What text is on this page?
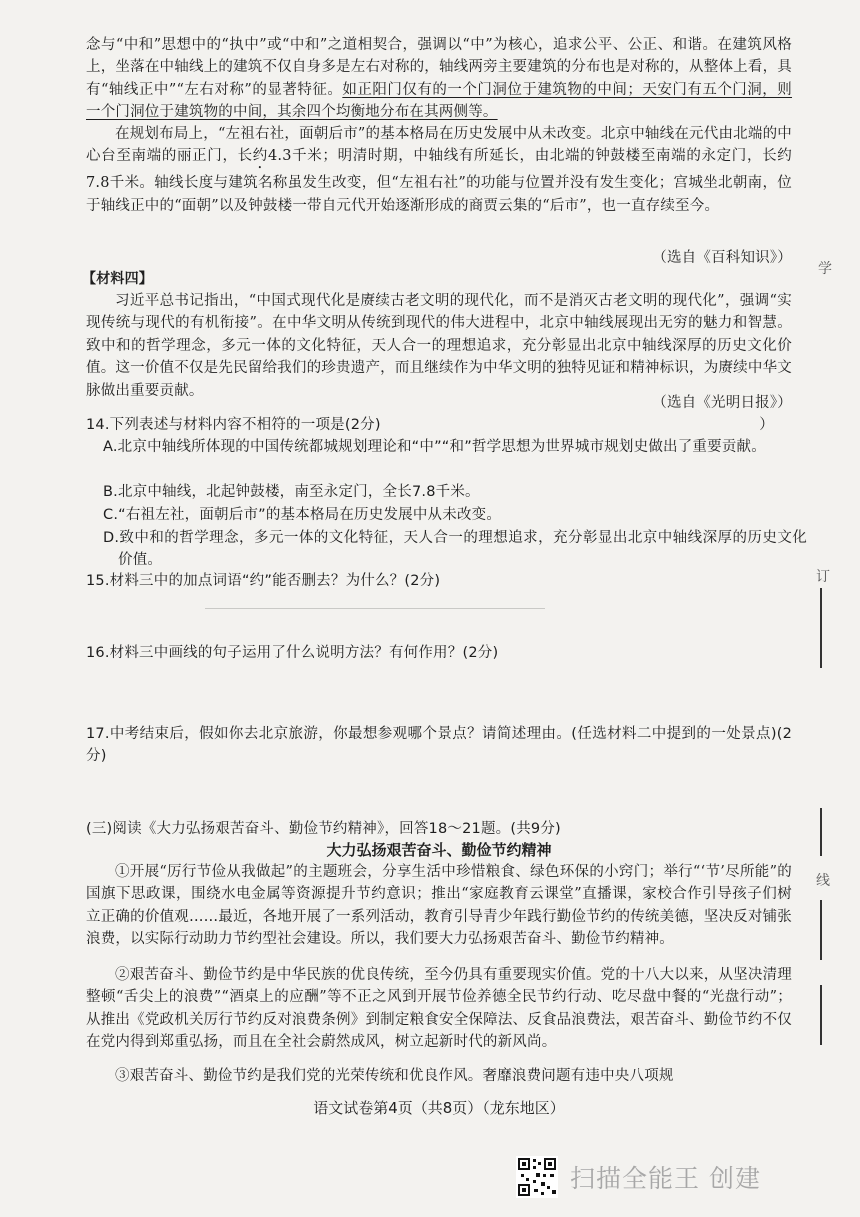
念与“中和”思想中的“执中”或“中和”之道相契合，强调以“中”为核心，追求公平、公正、和谐。在建筑风格上，坐落在中轴线上的建筑不仅自身多是左右对称的，轴线两旁主要建筑的分布也是对称的，从整体上看，具有“轴线正中”“左右对称”的显著特征。如正阳门仅有的一个门洞位于建筑物的中间；天安门有五个门洞，则一个门洞位于建筑物的中间，其余四个均衡地分布在其两侧等。

在规划布局上，“左祖右社，面朝后市”的基本格局在历史发展中从未改变。北京中轴线在元代由北端的中心台至南端的丽正门，长约4.3千米；明清时期，中轴线有所延长，由北端的钟鼓楼至南端的永定门，长约7.8千米。轴线长度与建筑名称虽发生改变，但“左祖右社”的功能与位置并没有发生变化；宫城坐北朝南，位于轴线正中的“面朝”以及钟鼓楼一带自元代开始逐渐形成的商贾云集的“后市”，也一直存续至今。

（选自《百科知识》）

【材料四】

习近平总书记指出，“中国式现代化是赓续古老文明的现代化，而不是消灭古老文明的现代化”，强调“实现传统与现代的有机衔接”。在中华文明从传统到现代的伟大进程中，北京中轴线展现出无穷的魅力和智慧。致中和的哲学理念，多元一体的文化特征，天人合一的理想追求，充分彰显出北京中轴线深厚的历史文化价值。这一价值不仅是先民留给我们的珍贵遗产，而且继续作为中华文明的独特见证和精神标识，为赓续中华文脉做出重要贡献。

（选自《光明日报》）

14.下列表述与材料内容不相符的一项是(2分)	）

A.北京中轴线所体现的中国传统都城规划理论和“中”“和”哲学思想为世界城市规划史做出了重要贡献。

B.北京中轴线，北起钟鼓楼，南至永定门，全长7.8千米。

C.“右祖左社，面朝后市”的基本格局在历史发展中从未改变。

D.致中和的哲学理念，多元一体的文化特征，天人合一的理想追求，充分彰显出北京中轴线深厚的历史文化价值。

15.材料三中的加点词语“约”能否删去？为什么？(2分)

16.材料三中画线的句子运用了什么说明方法？有何作用？(2分)

17.中考结束后，假如你去北京旅游，你最想参观哪个景点？请简述理由。(任选材料二中提到的一处景点)(2分)

(三)阅读《大力弘扬艰苦奋斗、勤俭节约精神》，回答18～21题。(共9分)

大力弘扬艰苦奋斗、勤俭节约精神

①开展“厉行节俭从我做起”的主题班会，分享生活中珍惜粮食、绿色环保的小窍门；举行“‘节’尽所能”的国旗下思政课，围绕水电金属等资源提升节约意识；推出“家庭教育云课堂”直播课，家校合作引导孩子们树立正确的价值观……最近，各地开展了一系列活动，教育引导青少年践行勤俭节约的传统美德，坚决反对铺张浪费，以实际行动助力节约型社会建设。所以，我们要大力弘扬艰苦奋斗、勤俭节约精神。

②艰苦奋斗、勤俭节约是中华民族的优良传统，至今仍具有重要现实价值。党的十八大以来，从坚决清理整顿“舌尖上的浪费”“酒桌上的应酬”等不正之风到开展节俭养德全民节约行动、吃尽盘中餐的“光盘行动”；从推出《党政机关厉行节约反对浪费条例》到制定粮食安全保障法、反食品浪费法，艰苦奋斗、勤俭节约不仅在党内得到郑重弘扬，而且在全社会蔚然成风，树立起新时代的新风尚。

③艰苦奋斗、勤俭节约是我们党的光荣传统和优良作风。奢靡浪费问题有违中央八项规

语文试卷第4页（共8页）（龙东地区）
学
订
线
扫描全能王 创建
